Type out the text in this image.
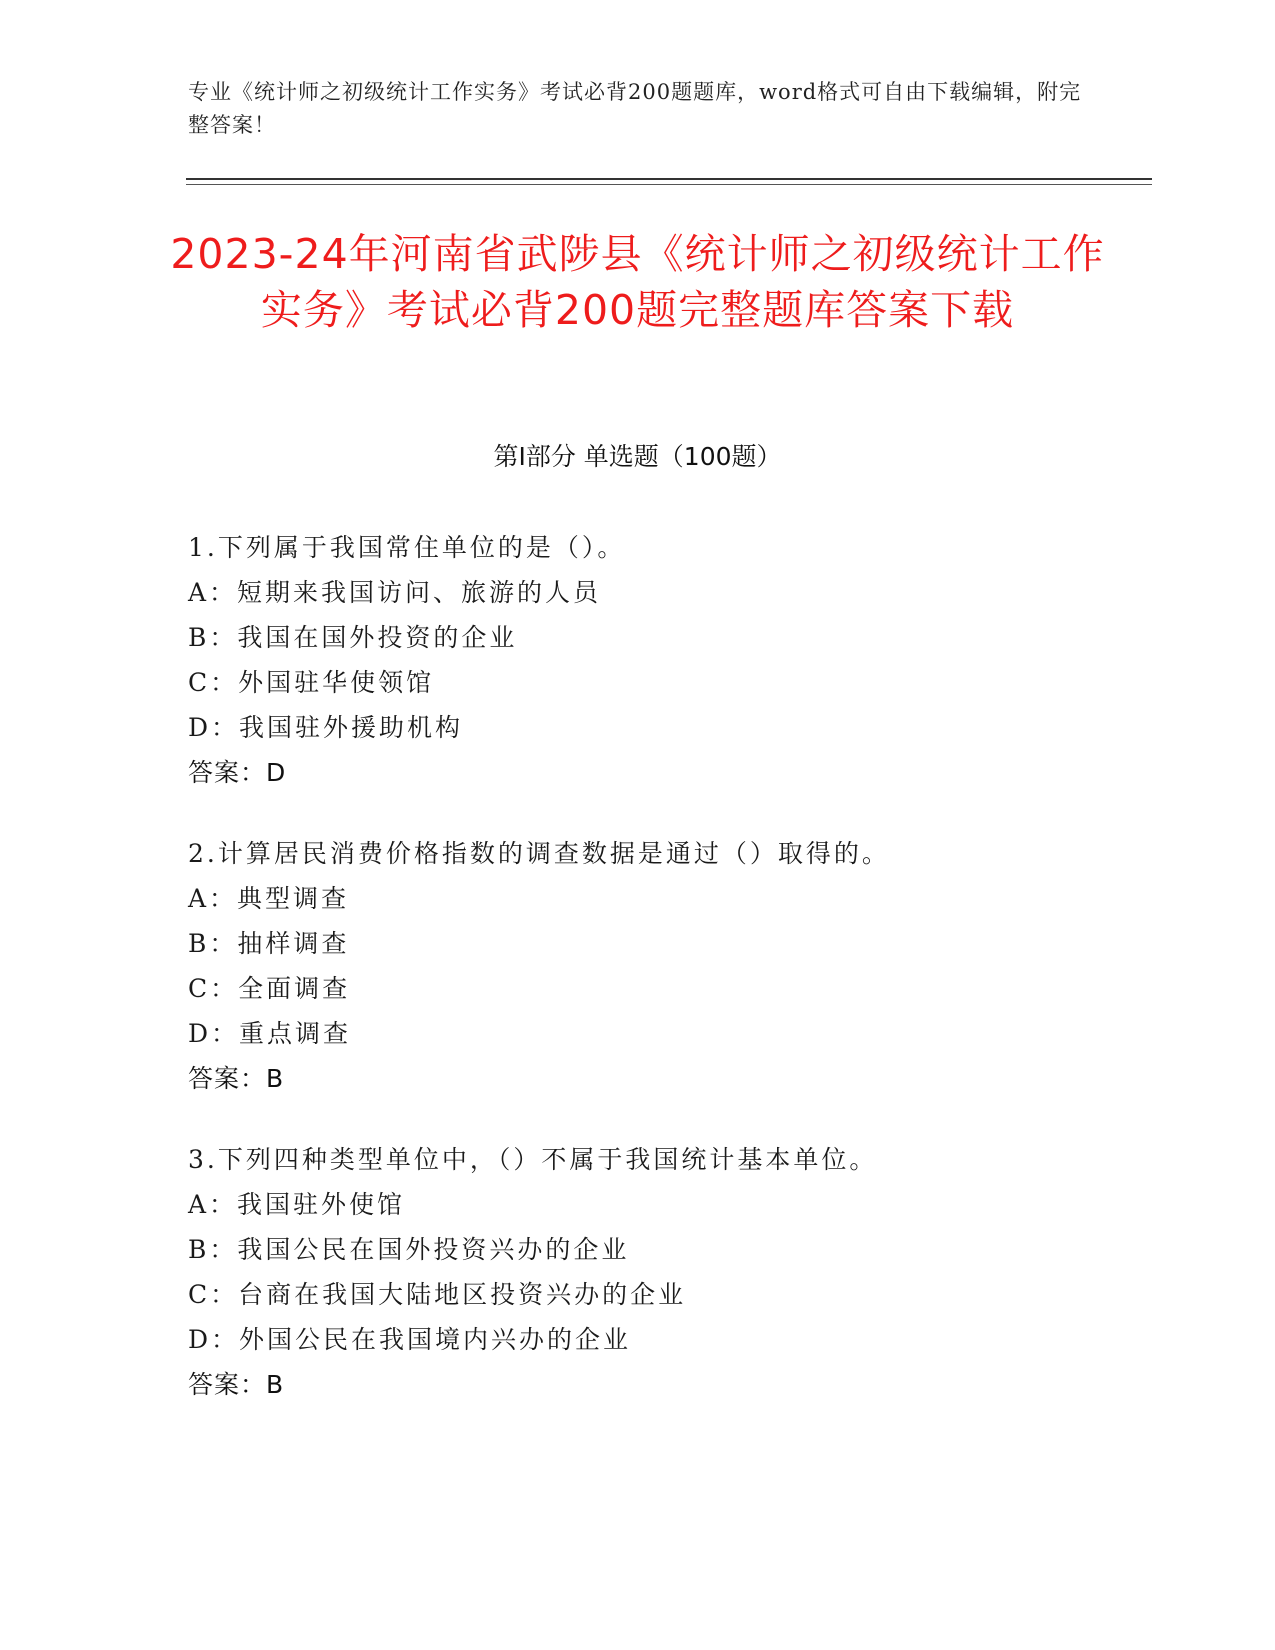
专业《统计师之初级统计工作实务》考试必背200题题库，word格式可自由下载编辑，附完整答案！
2023-24年河南省武陟县《统计师之初级统计工作实务》考试必背200题完整题库答案下载
第Ⅰ部分 单选题（100题）
1.下列属于我国常住单位的是（）。
A：短期来我国访问、旅游的人员
B：我国在国外投资的企业
C：外国驻华使领馆
D：我国驻外援助机构
答案：D
2.计算居民消费价格指数的调查数据是通过（）取得的。
A：典型调查
B：抽样调查
C：全面调查
D：重点调查
答案：B
3.下列四种类型单位中，（）不属于我国统计基本单位。
A：我国驻外使馆
B：我国公民在国外投资兴办的企业
C：台商在我国大陆地区投资兴办的企业
D：外国公民在我国境内兴办的企业
答案：B
